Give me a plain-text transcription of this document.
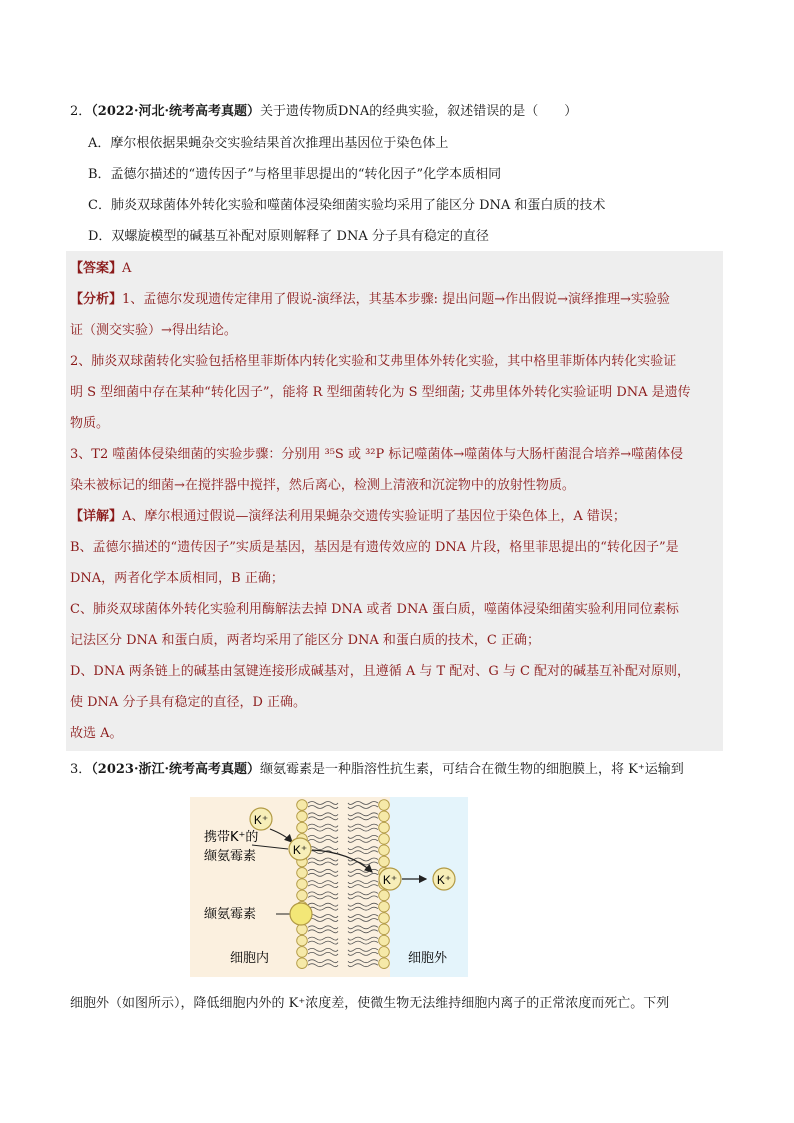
2．（2022·河北·统考高考真题）关于遗传物质DNA的经典实验，叙述错误的是（　　）
A．摩尔根依据果蝇杂交实验结果首次推理出基因位于染色体上
B．孟德尔描述的“遗传因子”与格里菲思提出的“转化因子”化学本质相同
C．肺炎双球菌体外转化实验和噬菌体浸染细菌实验均采用了能区分 DNA 和蛋白质的技术
D．双螺旋模型的碱基互补配对原则解释了 DNA 分子具有稳定的直径
【答案】A
【分析】1、孟德尔发现遗传定律用了假说-演绎法，其基本步骤: 提出问题→作出假说→演绎推理→实验验
证（测交实验）→得出结论。
2、肺炎双球菌转化实验包括格里菲斯体内转化实验和艾弗里体外转化实验，其中格里菲斯体内转化实验证
明 S 型细菌中存在某种“转化因子”，能将 R 型细菌转化为 S 型细菌; 艾弗里体外转化实验证明 DNA 是遗传
物质。
3、T2 噬菌体侵染细菌的实验步骤：分别用 ³⁵S 或 ³²P 标记噬菌体→噬菌体与大肠杆菌混合培养→噬菌体侵
染未被标记的细菌→在搅拌器中搅拌，然后离心，检测上清液和沉淀物中的放射性物质。
【详解】A、摩尔根通过假说—演绎法利用果蝇杂交遗传实验证明了基因位于染色体上，A 错误；
B、孟德尔描述的“遗传因子”实质是基因，基因是有遗传效应的 DNA 片段，格里菲思提出的“转化因子”是
DNA，两者化学本质相同，B 正确；
C、肺炎双球菌体外转化实验利用酶解法去掉 DNA 或者 DNA 蛋白质，噬菌体浸染细菌实验利用同位素标
记法区分 DNA 和蛋白质，两者均采用了能区分 DNA 和蛋白质的技术，C 正确；
D、DNA 两条链上的碱基由氢键连接形成碱基对，且遵循 A 与 T 配对、G 与 C 配对的碱基互补配对原则，
使 DNA 分子具有稳定的直径，D 正确。
故选 A。
3．（2023·浙江·统考高考真题）缬氨霉素是一种脂溶性抗生素，可结合在微生物的细胞膜上，将 K⁺运输到
K⁺
K⁺
K⁺	K⁺
携带K⁺的
缬氨霉素
缬氨霉素
细胞内	细胞外
细胞外（如图所示），降低细胞内外的 K⁺浓度差，使微生物无法维持细胞内离子的正常浓度而死亡。下列
